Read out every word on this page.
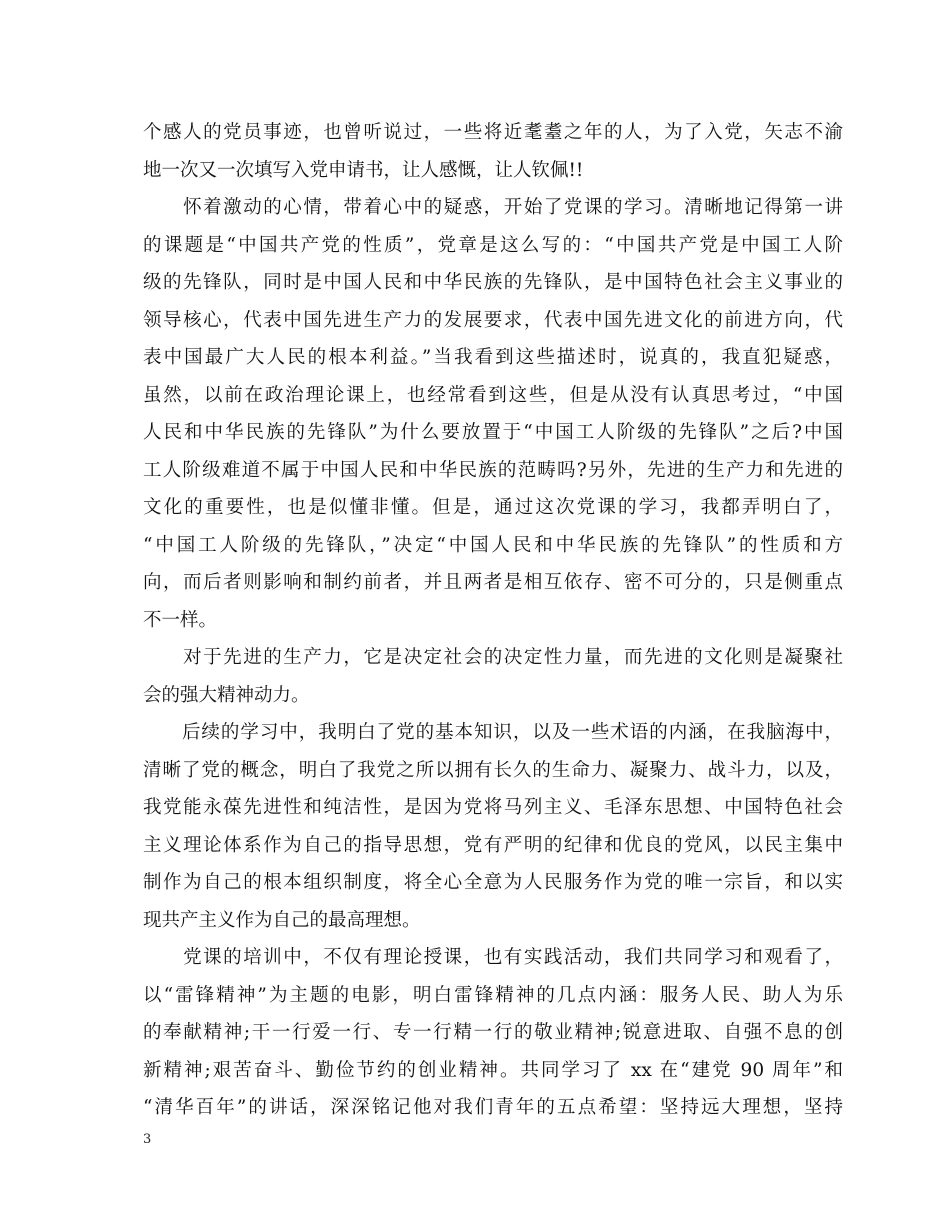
个感人的党员事迹，也曾听说过，一些将近耄耋之年的人，为了入党，矢志不渝
地一次又一次填写入党申请书，让人感慨，让人钦佩!!
　　怀着激动的心情，带着心中的疑惑，开始了党课的学习。清晰地记得第一讲
的课题是“中国共产党的性质”，党章是这么写的：“中国共产党是中国工人阶
级的先锋队，同时是中国人民和中华民族的先锋队，是中国特色社会主义事业的
领导核心，代表中国先进生产力的发展要求，代表中国先进文化的前进方向，代
表中国最广大人民的根本利益。”当我看到这些描述时，说真的，我直犯疑惑，
虽然，以前在政治理论课上，也经常看到这些，但是从没有认真思考过，“中国
人民和中华民族的先锋队”为什么要放置于“中国工人阶级的先锋队”之后?中国
工人阶级难道不属于中国人民和中华民族的范畴吗?另外，先进的生产力和先进的
文化的重要性，也是似懂非懂。但是，通过这次党课的学习，我都弄明白了，
“中国工人阶级的先锋队，”决定“中国人民和中华民族的先锋队”的性质和方
向，而后者则影响和制约前者，并且两者是相互依存、密不可分的，只是侧重点
不一样。
　　对于先进的生产力，它是决定社会的决定性力量，而先进的文化则是凝聚社
会的强大精神动力。
　　后续的学习中，我明白了党的基本知识，以及一些术语的内涵，在我脑海中，
清晰了党的概念，明白了我党之所以拥有长久的生命力、凝聚力、战斗力，以及，
我党能永葆先进性和纯洁性，是因为党将马列主义、毛泽东思想、中国特色社会
主义理论体系作为自己的指导思想，党有严明的纪律和优良的党风，以民主集中
制作为自己的根本组织制度，将全心全意为人民服务作为党的唯一宗旨，和以实
现共产主义作为自己的最高理想。
　　党课的培训中，不仅有理论授课，也有实践活动，我们共同学习和观看了，
以“雷锋精神”为主题的电影，明白雷锋精神的几点内涵：服务人民、助人为乐
的奉献精神;干一行爱一行、专一行精一行的敬业精神;锐意进取、自强不息的创
新精神;艰苦奋斗、勤俭节约的创业精神。共同学习了 xx 在“建党 90 周年”和
“清华百年”的讲话，深深铭记他对我们青年的五点希望：坚持远大理想，坚持
3
